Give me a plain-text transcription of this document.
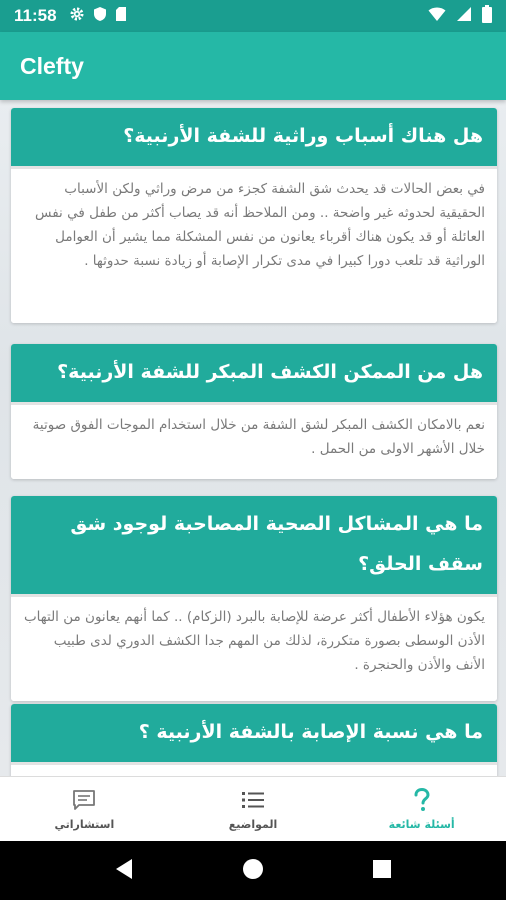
11:58
Clefty
هل هناك أسباب وراثية للشفة الأرنبية؟
في بعض الحالات قد يحدث شق الشفة كجزء من مرض وراثي ولكن الأسباب الحقيقية لحدوثه غير واضحة .. ومن الملاحظ أنه قد يصاب أكثر من طفل في نفس العائلة أو قد يكون هناك أقرباء يعانون من نفس المشكلة مما يشير أن العوامل الوراثية قد تلعب دورا كبيرا في مدى تكرار الإصابة أو زيادة نسبة حدوثها .
هل من الممكن الكشف المبكر للشفة الأرنبية؟
نعم بالامكان الكشف المبكر لشق الشفة من خلال استخدام الموجات الفوق صوتية خلال الأشهر الاولى من الحمل .
ما هي المشاكل الصحية المصاحبة لوجود شق سقف الحلق؟
يكون هؤلاء الأطفال أكثر عرضة للإصابة بالبرد (الزكام) .. كما أنهم يعانون من التهاب الأذن الوسطى بصورة متكررة، لذلك من المهم جدا الكشف الدوري لدى طبيب الأنف والأذن والحنجرة .
ما هي نسبة الإصابة بالشفة الأرنبية ؟
استشاراتي	المواضيع	أسئلة شائعة
